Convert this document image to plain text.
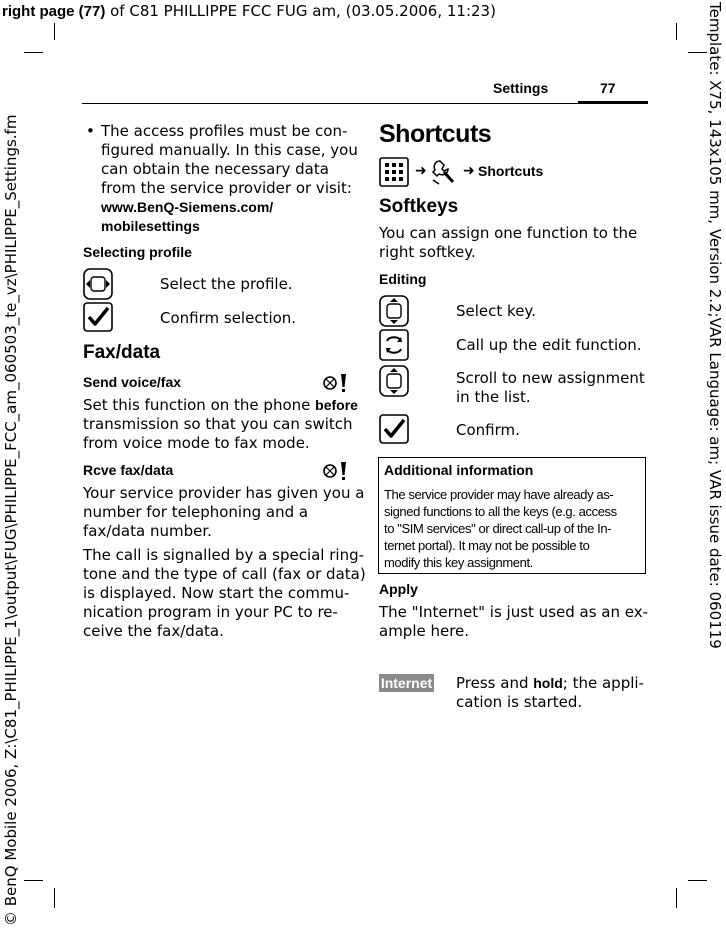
right page (77) of C81 PHILLIPPE FCC FUG am, (03.05.2006, 11:23)	Template: X75, 143x105 mm, Version 2.2;VAR Language: am; VAR issue date: 060119
© BenQ Mobile 2006, Z:\C81_PHILIPPE_1\output\FUG\PHILIPPE_FCC_am_060503_te_vz\PHILIPPE_Settings.fm
Settings	77
• The access profiles must be con-
figured manually. In this case, you
can obtain the necessary data
from the service provider or visit:
www.BenQ-Siemens.com/
mobilesettings
Selecting profile
Select the profile.
Confirm selection.
Fax/data
Send voice/fax
Set this function on the phone before
transmission so that you can switch
from voice mode to fax mode.
Rcve fax/data
Your service provider has given you a
number for telephoning and a
fax/data number.
The call is signalled by a special ring-
tone and the type of call (fax or data)
is displayed. Now start the commu-
nication program in your PC to re-
ceive the fax/data.
Shortcuts
➜	➜ Shortcuts
Softkeys
You can assign one function to the
right softkey.
Editing
Select key.
Call up the edit function.
Scroll to new assignment
in the list.
Confirm.
Additional information
The service provider may have already as-
signed functions to all the keys (e.g. access
to "SIM services" or direct call-up of the In-
ternet portal). It may not be possible to
modify this key assignment.
Apply
The "Internet" is just used as an ex-
ample here.
Internet Press and hold; the appli-
cation is started.
